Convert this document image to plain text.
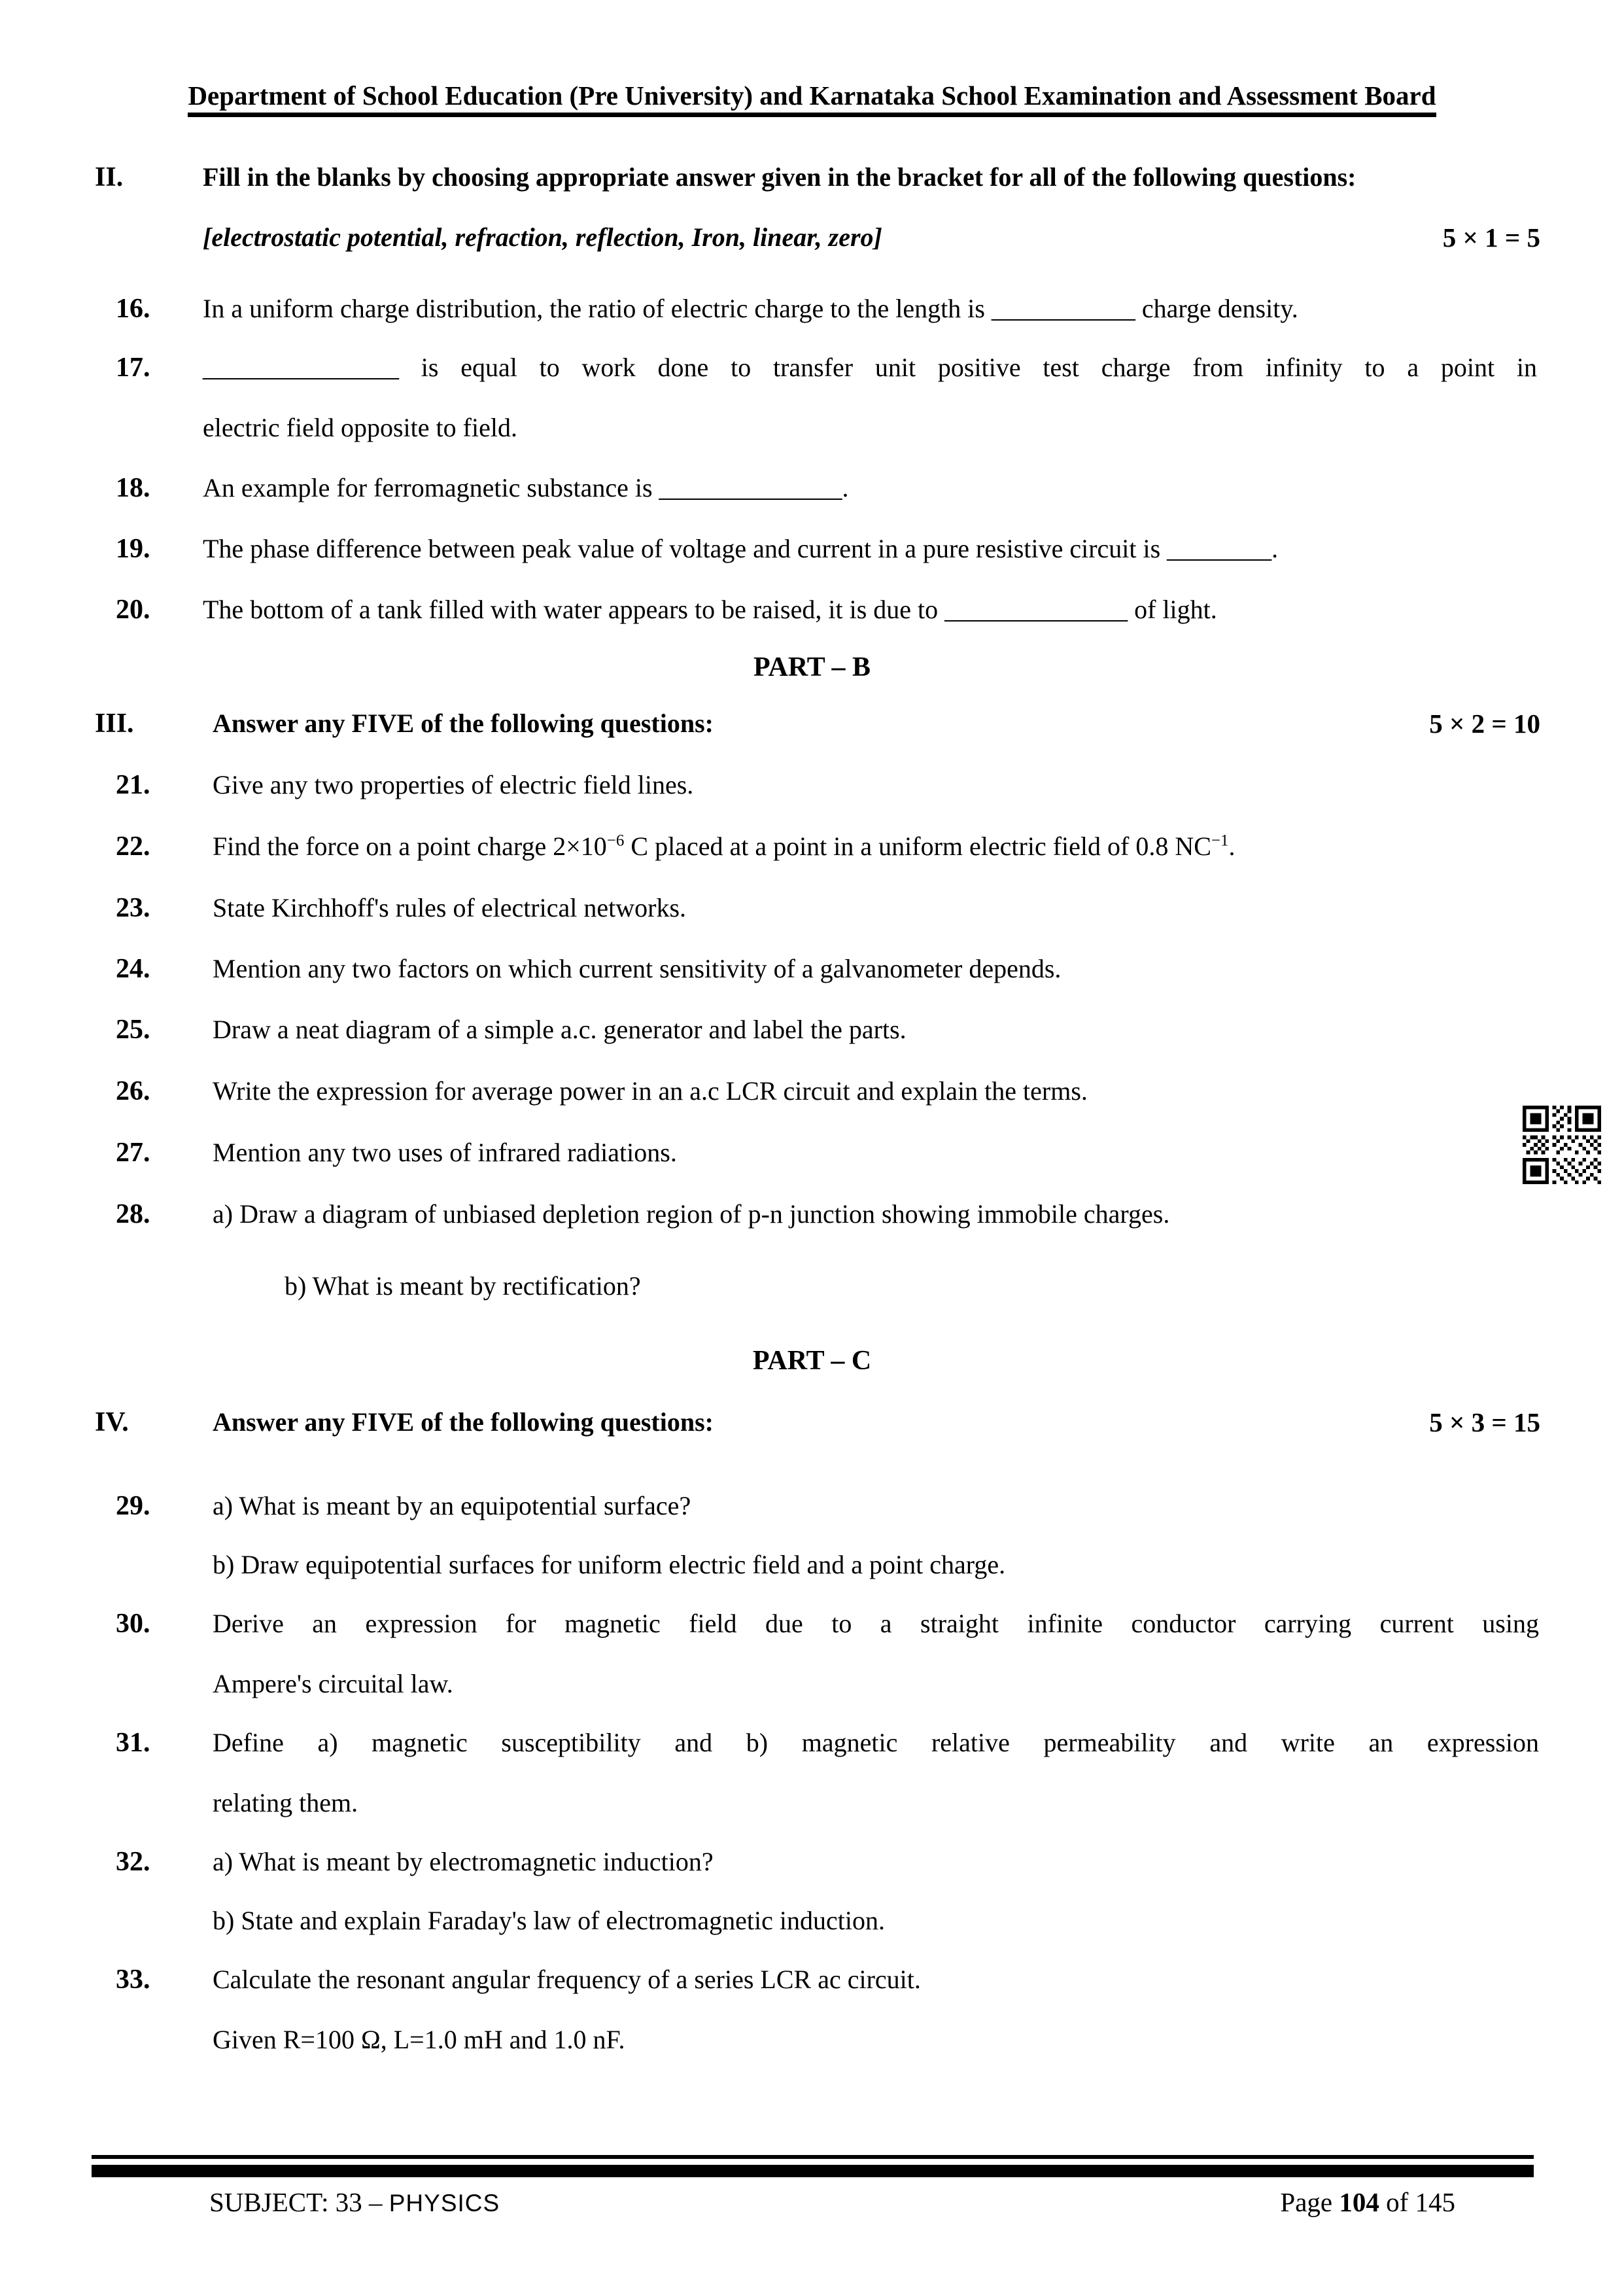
Department of School Education (Pre University) and Karnataka School Examination and Assessment Board
II.	Fill in the blanks by choosing appropriate answer given in the bracket for all of the following questions:
[electrostatic potential, refraction, reflection, Iron, linear, zero]	5 × 1 = 5
16. In a uniform charge distribution, the ratio of electric charge to the length is ___________ charge density.
17. _______________ is equal to work done to transfer unit positive test charge from infinity to a point in
electric field opposite to field.
18. An example for ferromagnetic substance is ______________.
19. The phase difference between peak value of voltage and current in a pure resistive circuit is ________.
20. The bottom of a tank filled with water appears to be raised, it is due to ______________ of light.
PART – B
III.	Answer any FIVE of the following questions:	5 × 2 = 10
21. Give any two properties of electric field lines.
22. Find the force on a point charge $2\times 10^{-6}$ C placed at a point in a uniform electric field of 0.8 $NC^{-1}$.
23. State Kirchhoff's rules of electrical networks.
24. Mention any two factors on which current sensitivity of a galvanometer depends.
25. Draw a neat diagram of a simple a.c. generator and label the parts.
26. Write the expression for average power in an a.c LCR circuit and explain the terms.
27. Mention any two uses of infrared radiations.
28. a) Draw a diagram of unbiased depletion region of p-n junction showing immobile charges.
b) What is meant by rectification?
PART – C
IV.	Answer any FIVE of the following questions:	5 × 3 = 15
29. a) What is meant by an equipotential surface?
b) Draw equipotential surfaces for uniform electric field and a point charge.
30. Derive an expression for magnetic field due to a straight infinite conductor carrying current using
Ampere's circuital law.
31. Define a) magnetic susceptibility and b) magnetic relative permeability and write an expression
relating them.
32. a) What is meant by electromagnetic induction?
b) State and explain Faraday's law of electromagnetic induction.
33. Calculate the resonant angular frequency of a series LCR ac circuit.
Given R=100 Ω, L=1.0 mH and 1.0 nF.
SUBJECT: 33 – PHYSICS	Page 104 of 145
